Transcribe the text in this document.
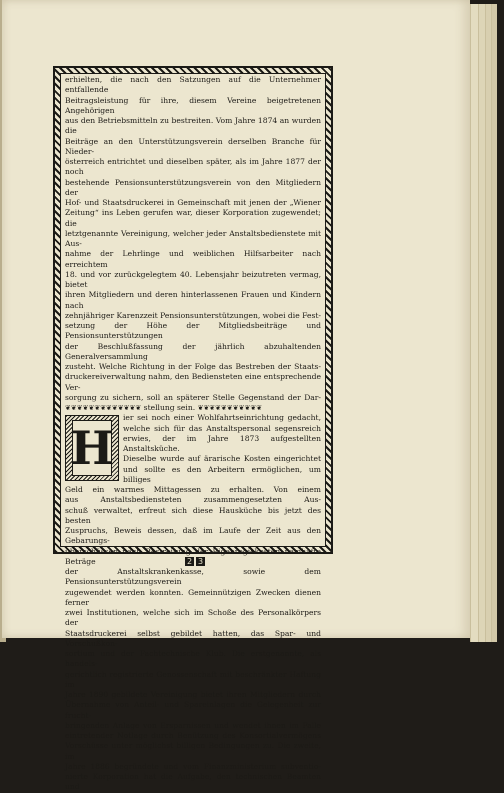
erhielten, die nach den Satzungen auf die Unternehmer entfallende

Beitragsleistung für ihre, diesem Vereine beigetretenen Angehörigen

aus den Betriebsmitteln zu bestreiten. Vom Jahre 1874 an wurden die

Beiträge an den Unterstützungsverein derselben Branche für Nieder-

österreich entrichtet und dieselben später, als im Jahre 1877 der noch

bestehende Pensionsunterstützungsverein von den Mitgliedern der

Hof- und Staatsdruckerei in Gemeinschaft mit jenen der „Wiener

Zeitung“ ins Leben gerufen war, dieser Korporation zugewendet; die

letztgenannte Vereinigung, welcher jeder Anstaltsbedienstete mit Aus-

nahme der Lehrlinge und weiblichen Hilfsarbeiter nach erreichtem

18. und vor zurückgelegtem 40. Lebensjahr beizutreten vermag, bietet

ihren Mitgliedern und deren hinterlassenen Frauen und Kindern nach

zehnjähriger Karenzzeit Pensionsunterstützungen, wobei die Fest-

setzung der Höhe der Mitgliedsbeiträge und Pensionsunterstützungen

der Beschlußfassung der jährlich abzuhaltenden Generalversammlung

zusteht. Welche Richtung in der Folge das Bestreben der Staats-

druckereiverwaltung nahm, den Bediensteten eine entsprechende Ver-

sorgung zu sichern, soll an späterer Stelle Gegenstand der Dar-

❦❦❦❦❦❦❦❦❦❦❦❦❦ stellung sein. ❦❦❦❦❦❦❦❦❦❦❦

H

ier sei noch einer Wohlfahrtseinrichtung gedacht,

welche sich für das Anstaltspersonal segensreich

erwies, der im Jahre 1873 aufgestellten Anstaltsküche.

Dieselbe wurde auf ärarische Kosten eingerichtet

und sollte es den Arbeitern ermöglichen, um billiges

Geld ein warmes Mittagessen zu erhalten. Von einem

aus Anstaltsbediensteten zusammengesetzten Aus-

schuß verwaltet, erfreut sich diese Hausküche bis jetzt des besten

Zuspruchs, Beweis dessen, daß im Laufe der Zeit aus den Gebarungs-

überschüssen nach Bestreitung der Eigenregiekosten namhafte Beträge

der Anstaltskrankenkasse, sowie dem Pensionsunterstützungsverein

zugewendet werden konnten. Gemeinnützigen Zwecken dienen ferner

zwei Institutionen, welche sich im Schoße des Personalkörpers der

Staatsdruckerei selbst gebildet hatten, das Spar- und Vorschußkon-

sortium und der Fachtechnische Klub. Die erstgenannte, als handels-

gerichtlich registrierte Genossenschaft mit beschränkter Haftung im

Jahre 1890 gebildete Vereinigung bietet ihren Mitgliedern durch

Übernahme von Anteil- und Spareinlagen die Gelegenheit zur frucht-

bringenden Anlage von Ersparnissen und wendet ihnen im Falle

eintretender Notlage durch Benützung des Konsortialvermögens

Vorschüsse unter möglichst billigen Bedingungen zu. Die zweite, im

Jahre 1886 begründete und vom Finanzministerium subventio-

nierte Korporation hat die Aufgabe, den technischen Beamten und

2 3
